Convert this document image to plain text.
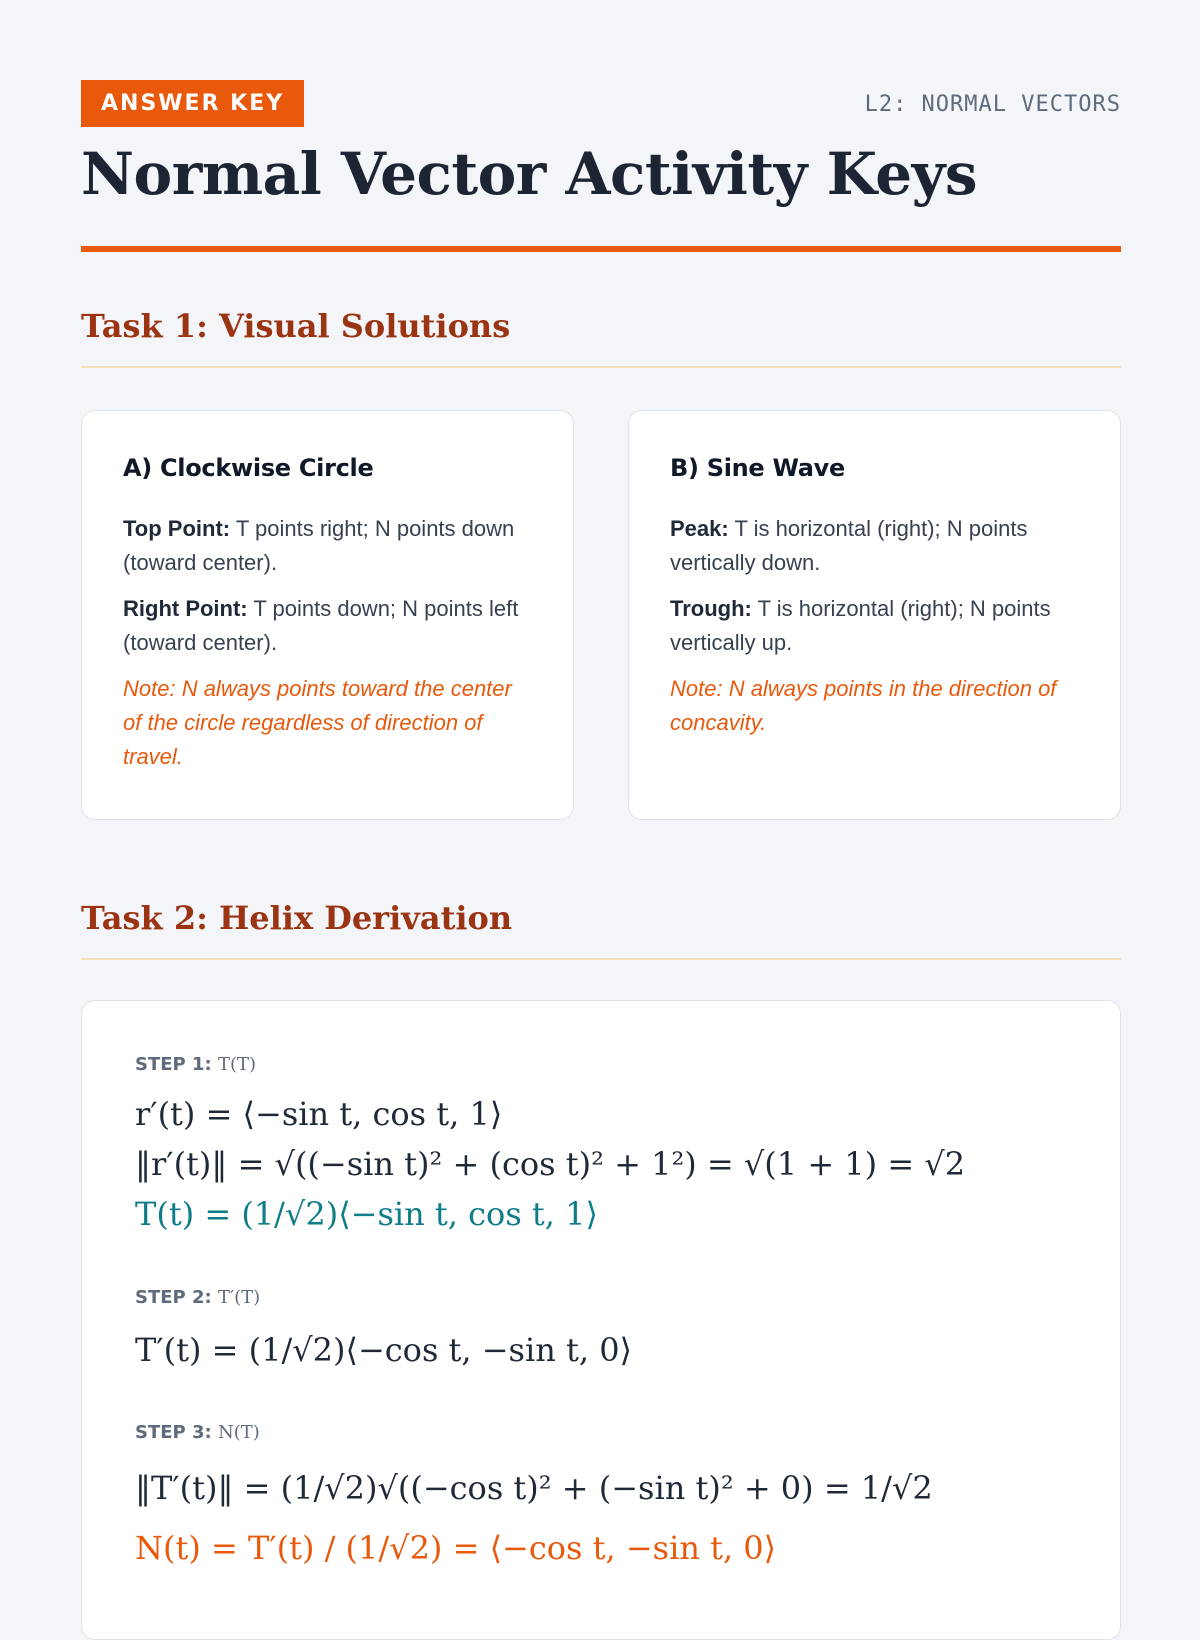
ANSWER KEY	L2: NORMAL VECTORS
Normal Vector Activity Keys
Task 1: Visual Solutions
A) Clockwise Circle

Top Point: T points right; N points down (toward center).

Right Point: T points down; N points left (toward center).

Note: N always points toward the center of the circle regardless of direction of travel.

B) Sine Wave

Peak: T is horizontal (right); N points vertically down.

Trough: T is horizontal (right); N points vertically up.

Note: N always points in the direction of concavity.

Task 2: Helix Derivation
STEP 1: T(T)
r′(t) = ⟨−sin t, cos t, 1⟩
‖r′(t)‖ = √((−sin t)² + (cos t)² + 1²) = √(1 + 1) = √2
T(t) = (1/√2)⟨−sin t, cos t, 1⟩
STEP 2: T′(T)
T′(t) = (1/√2)⟨−cos t, −sin t, 0⟩
STEP 3: N(T)
‖T′(t)‖ = (1/√2)√((−cos t)² + (−sin t)² + 0) = 1/√2
N(t) = T′(t) / (1/√2) = ⟨−cos t, −sin t, 0⟩
